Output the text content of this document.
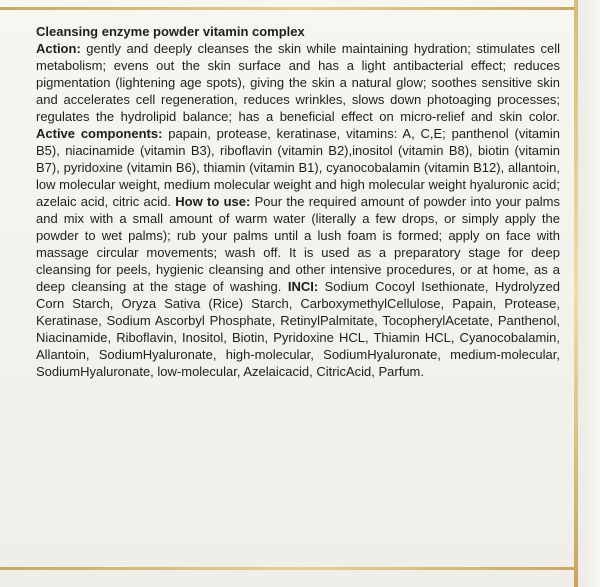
Cleansing enzyme powder vitamin complex
Action: gently and deeply cleanses the skin while maintaining hydration; stimulates cell metabolism; evens out the skin surface and has a light antibacterial effect; reduces pigmentation (lightening age spots), giving the skin a natural glow; soothes sensitive skin and accelerates cell regeneration, reduces wrinkles, slows down photoaging processes; regulates the hydrolipid balance; has a beneficial effect on micro-relief and skin color. Active components: papain, protease, keratinase, vitamins: A, C,E; panthenol (vitamin B5), niacinamide (vitamin B3), riboflavin (vitamin B2),inositol (vitamin B8), biotin (vitamin B7), pyridoxine (vitamin B6), thiamin (vitamin B1), cyanocobalamin (vitamin B12), allantoin, low molecular weight, medium molecular weight and high molecular weight hyaluronic acid; azelaic acid, citric acid. How to use: Pour the required amount of powder into your palms and mix with a small amount of warm water (literally a few drops, or simply apply the powder to wet palms); rub your palms until a lush foam is formed; apply on face with massage circular movements; wash off. It is used as a preparatory stage for deep cleansing for peels, hygienic cleansing and other intensive procedures, or at home, as a deep cleansing at the stage of washing. INCI: Sodium Cocoyl Isethionate, Hydrolyzed Corn Starch, Oryza Sativa (Rice) Starch, CarboxymethylCellulose, Papain, Protease, Keratinase, Sodium Ascorbyl Phosphate, RetinylPalmitate, TocopherylAcetate, Panthenol, Niacinamide, Riboflavin, Inositol, Biotin, Pyridoxine HCL, Thiamin HCL, Cyanocobalamin, Allantoin, SodiumHyaluronate, high-molecular, SodiumHyaluronate, medium-molecular, SodiumHyaluronate, low-molecular, Azelaicacid, CitricAcid, Parfum.
